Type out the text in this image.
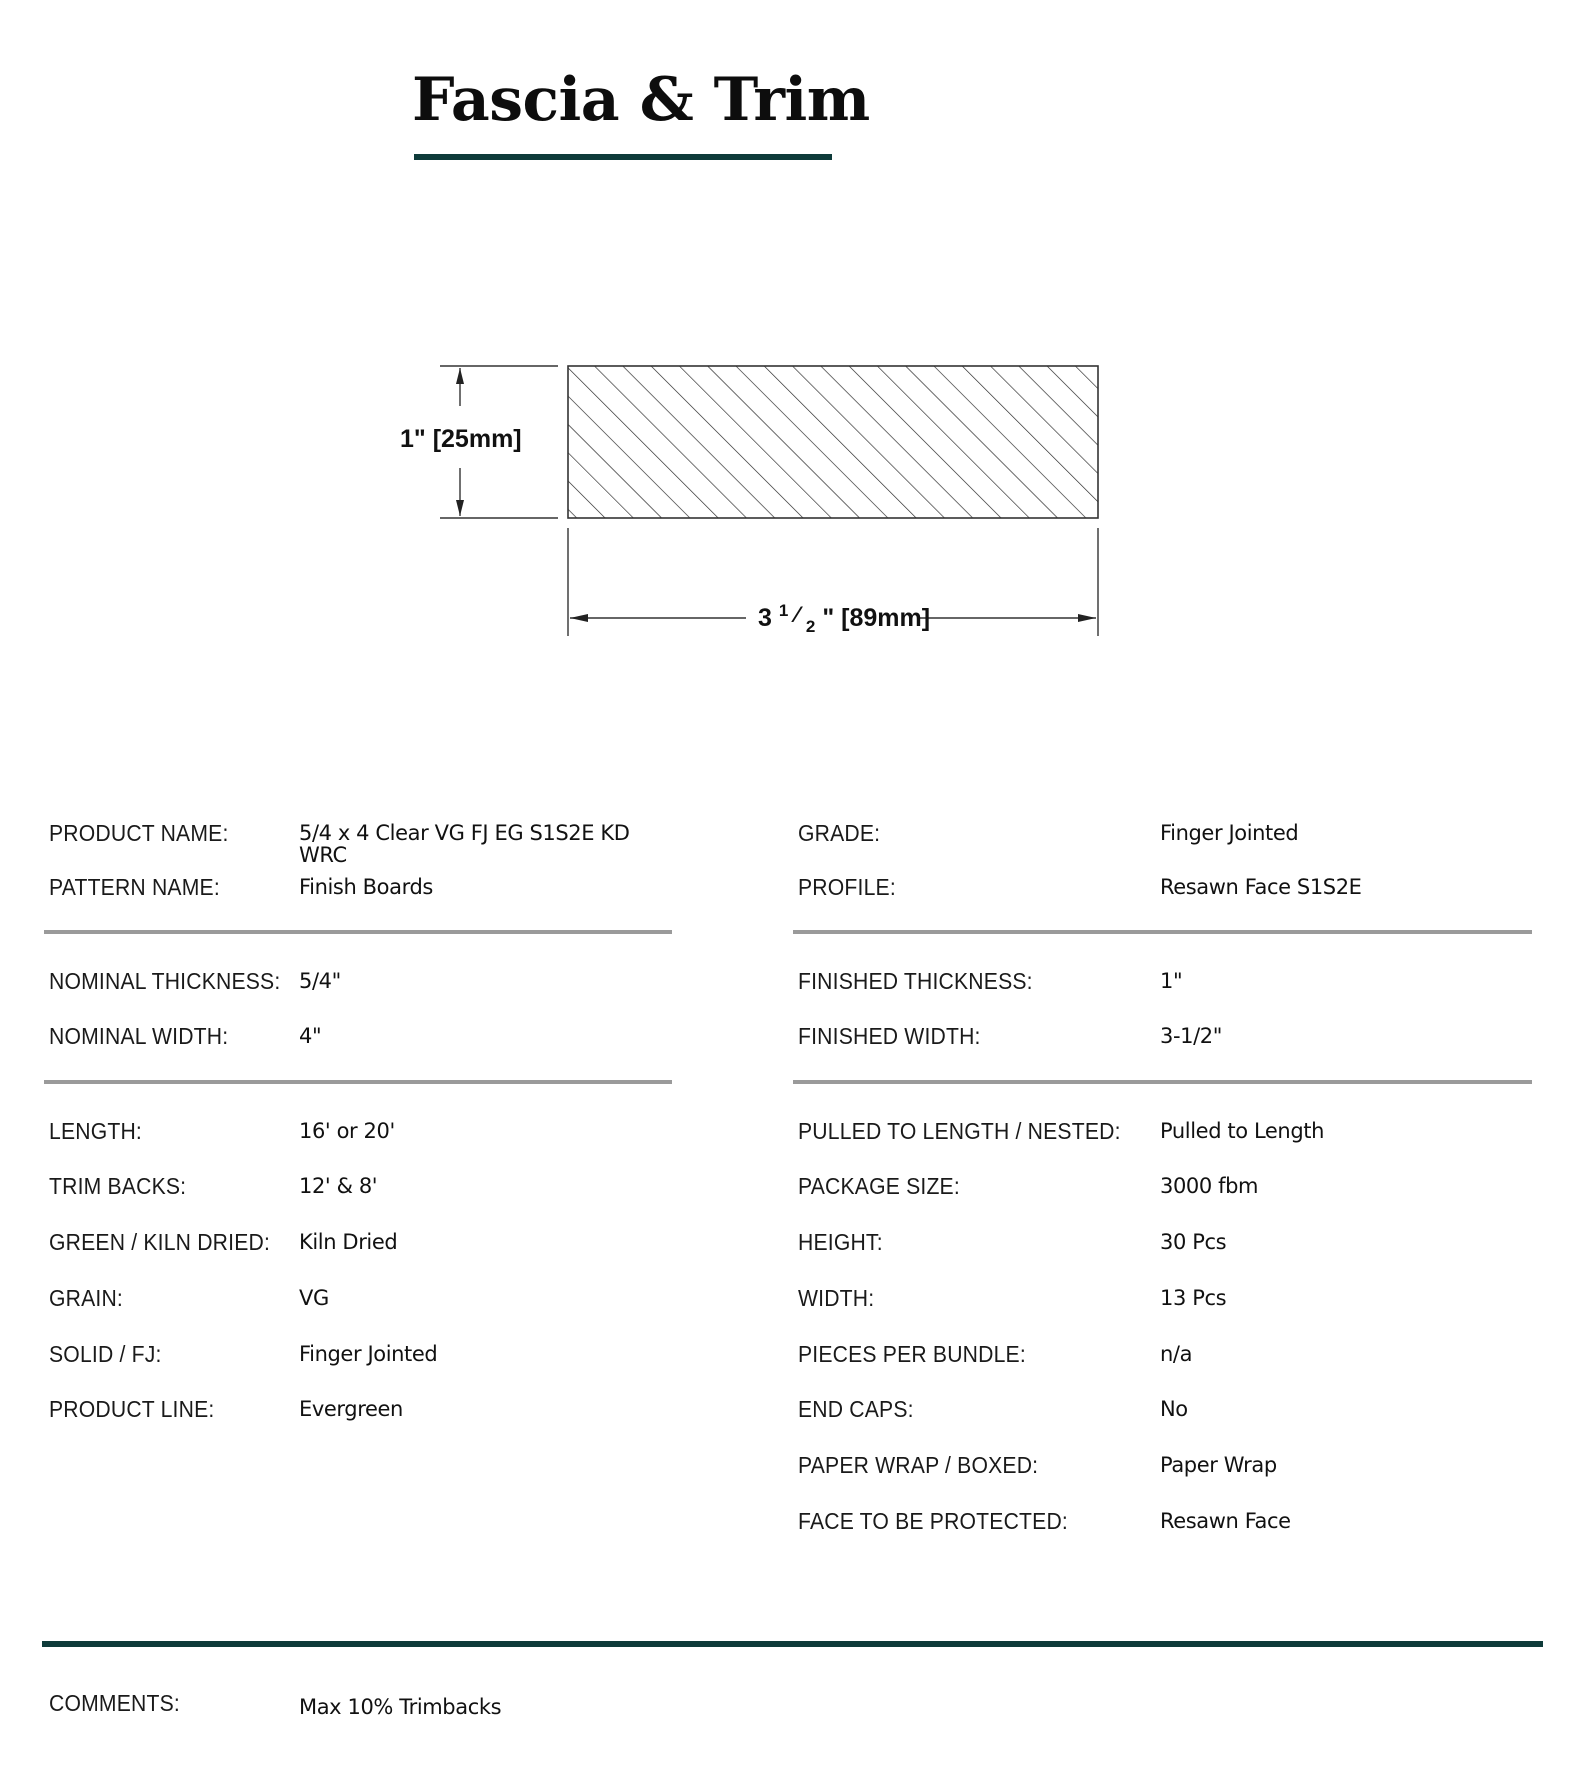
Fascia & Trim
1" [25mm]
3 $^1$ ⁄ $_2$ " [89mm]
PRODUCT NAME:	5/4 x 4 Clear VG FJ EG S1S2E KD
WRC
PATTERN NAME:	Finish Boards
NOMINAL THICKNESS: 5/4"
NOMINAL WIDTH:	4"
LENGTH:	16' or 20'
TRIM BACKS:	12' & 8'
GREEN / KILN DRIED: Kiln Dried
GRAIN:	VG
SOLID / FJ:	Finger Jointed
PRODUCT LINE:	Evergreen
GRADE:	Finger Jointed
PROFILE:	Resawn Face S1S2E
FINISHED THICKNESS:	1"
FINISHED WIDTH:	3-1/2"
PULLED TO LENGTH / NESTED: Pulled to Length
PACKAGE SIZE:	3000 fbm
HEIGHT:	30 Pcs
WIDTH:	13 Pcs
PIECES PER BUNDLE:	n/a
END CAPS:	No
PAPER WRAP / BOXED:	Paper Wrap
FACE TO BE PROTECTED:	Resawn Face
COMMENTS:	Max 10% Trimbacks
